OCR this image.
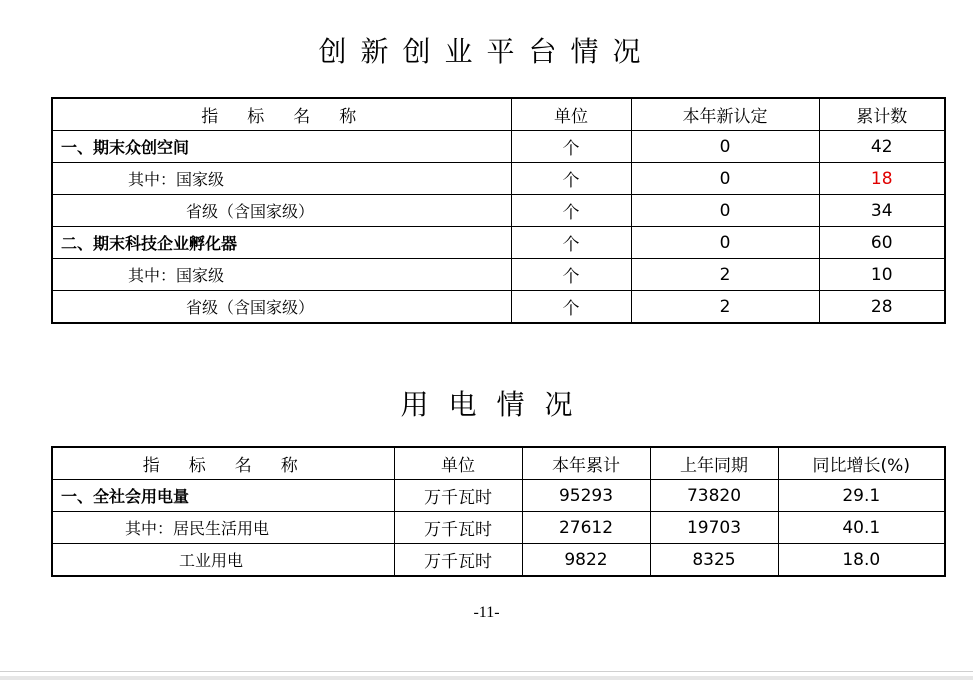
创新创业平台情况
指　标　名　称	单位	本年新认定	累计数
一、期末众创空间	个	0	42
其中：国家级	个	0	18
省级（含国家级）	个	0	34
二、期末科技企业孵化器	个	0	60
其中：国家级	个	2	10
省级（含国家级）	个	2	28
用电情况
指　标　名　称	单位	本年累计	上年同期	同比增长(%)
一、全社会用电量	万千瓦时	95293	73820	29.1
其中：居民生活用电	万千瓦时	27612	19703	40.1
工业用电	万千瓦时	9822	8325	18.0
-11-
